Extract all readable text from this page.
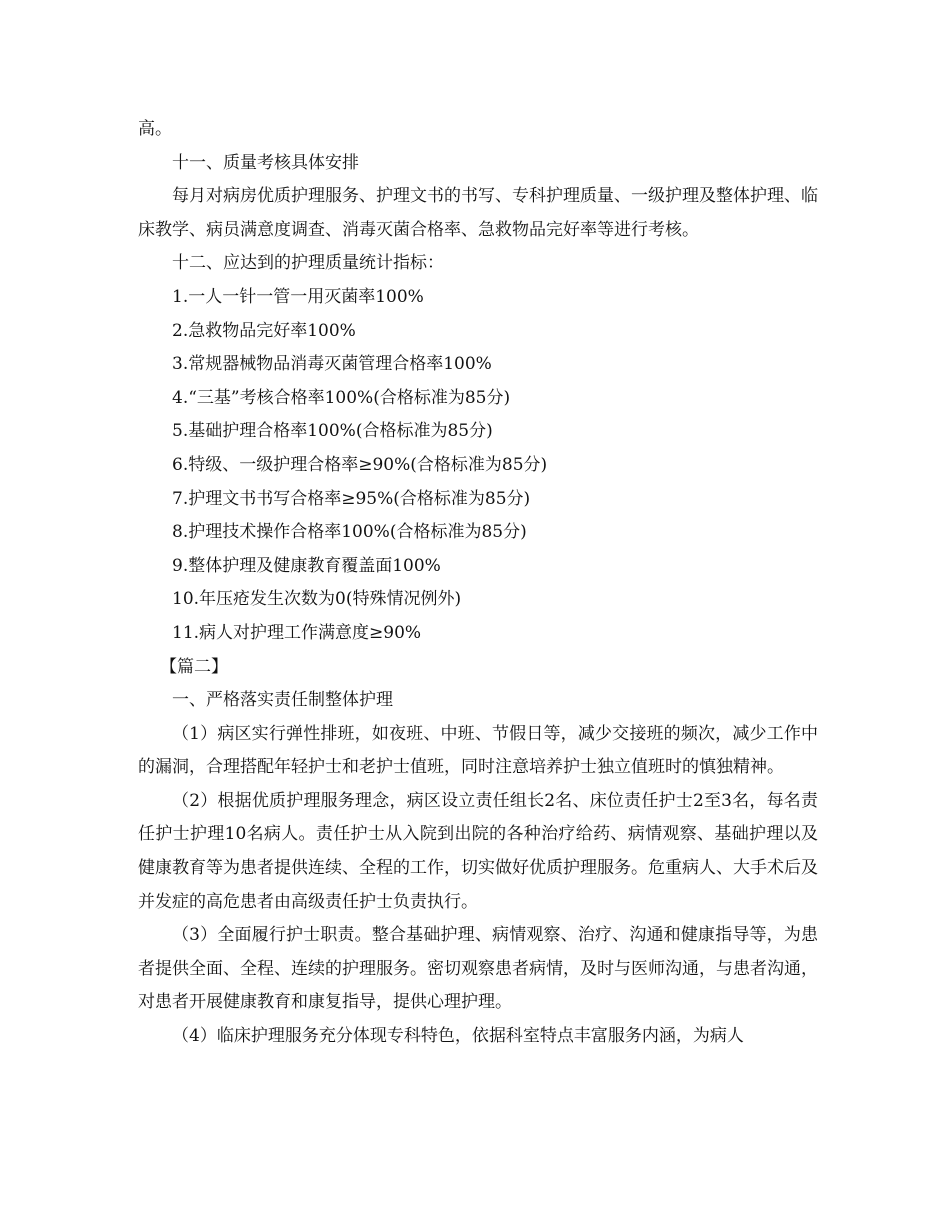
高。
十一、质量考核具体安排

每月对病房优质护理服务、护理文书的书写、专科护理质量、一级护理及整体护理、临床教学、病员满意度调查、消毒灭菌合格率、急救物品完好率等进行考核。

十二、应达到的护理质量统计指标：
1.一人一针一管一用灭菌率100%
2.急救物品完好率100%
3.常规器械物品消毒灭菌管理合格率100%
4.“三基”考核合格率100%(合格标准为85分)
5.基础护理合格率100%(合格标准为85分)
6.特级、一级护理合格率≥90%(合格标准为85分)
7.护理文书书写合格率≥95%(合格标准为85分)
8.护理技术操作合格率100%(合格标准为85分)
9.整体护理及健康教育覆盖面100%
10.年压疮发生次数为0(特殊情况例外)
11.病人对护理工作满意度≥90%
【篇二】
一、严格落实责任制整体护理

（1）病区实行弹性排班，如夜班、中班、节假日等，减少交接班的频次，减少工作中的漏洞，合理搭配年轻护士和老护士值班，同时注意培养护士独立值班时的慎独精神。

（2）根据优质护理服务理念，病区设立责任组长2名、床位责任护士2至3名，每名责任护士护理10名病人。责任护士从入院到出院的各种治疗给药、病情观察、基础护理以及健康教育等为患者提供连续、全程的工作，切实做好优质护理服务。危重病人、大手术后及并发症的高危患者由高级责任护士负责执行。

（3）全面履行护士职责。整合基础护理、病情观察、治疗、沟通和健康指导等，为患者提供全面、全程、连续的护理服务。密切观察患者病情，及时与医师沟通，与患者沟通，对患者开展健康教育和康复指导，提供心理护理。

（4）临床护理服务充分体现专科特色，依据科室特点丰富服务内涵，为病人
